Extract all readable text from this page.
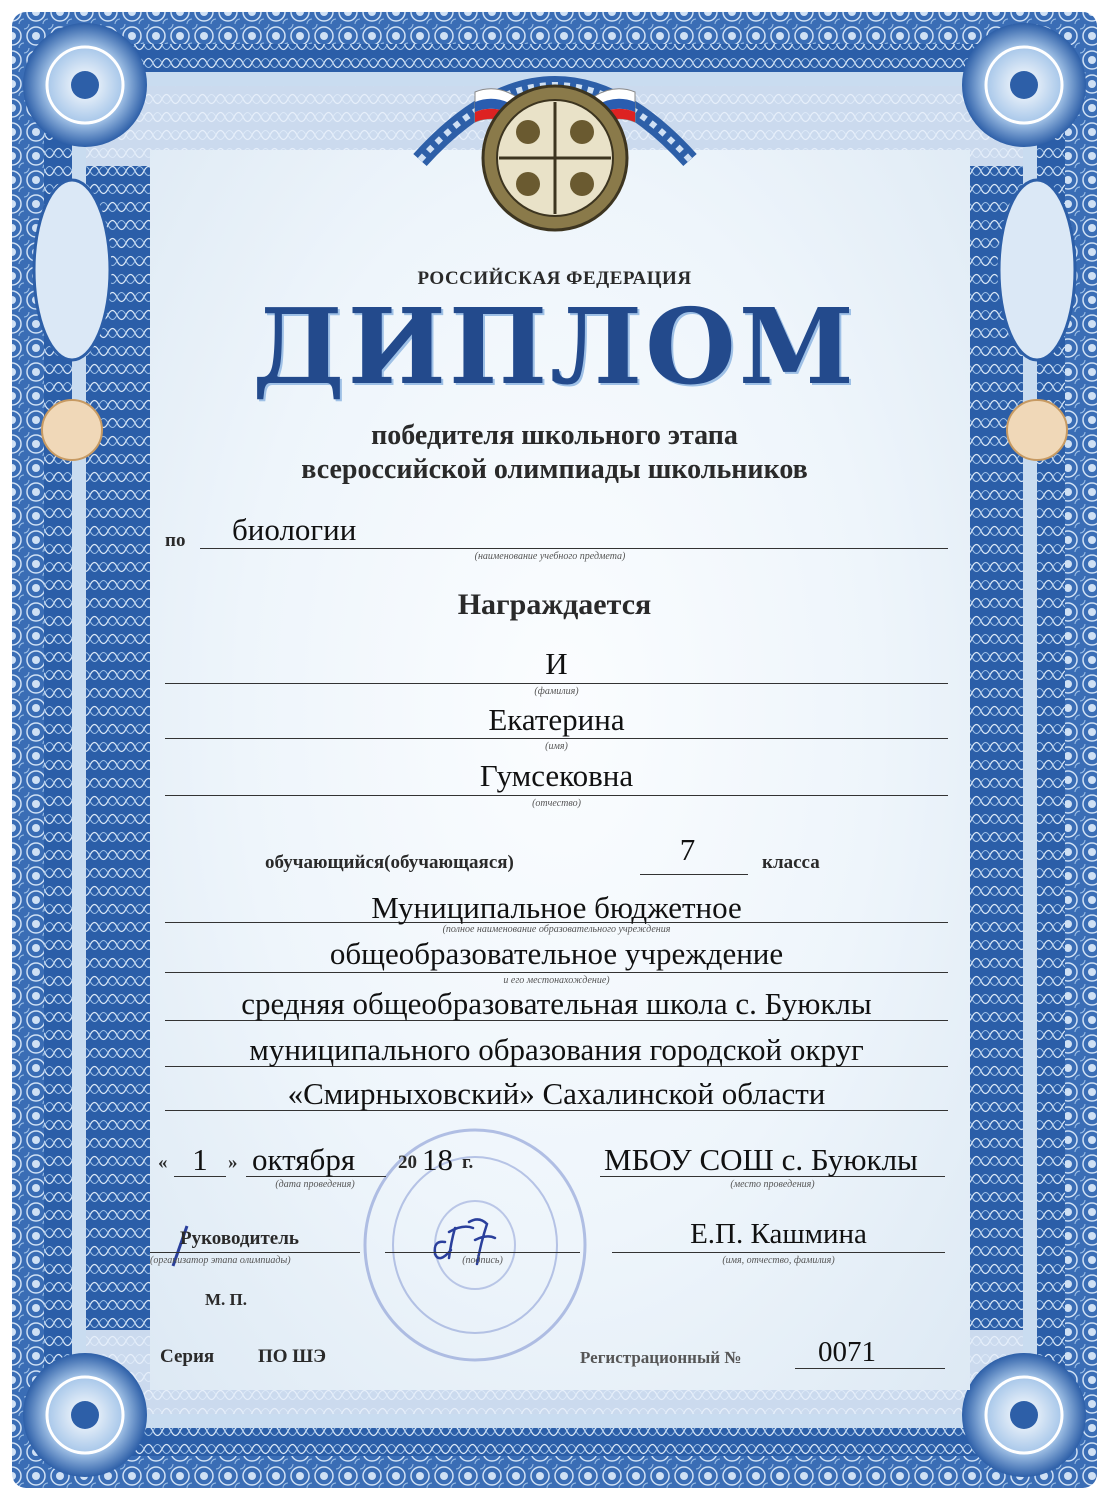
РОССИЙСКАЯ ФЕДЕРАЦИЯ
ДИПЛОМ
победителя школьного этапа
всероссийской олимпиады школьников
по биологии
(наименование учебного предмета)
Награждается
И
(фамилия)
Екатерина
(имя)
Гумсековна
(отчество)
обучающийся(обучающаяся)	7	класса
Муниципальное бюджетное
(полное наименование образовательного учреждения
общеобразовательное учреждение
и его местонахождение)
средняя общеобразовательная школа с. Буюклы
муниципального образования городской округ
«Смирныховский» Сахалинской области
« 1	» октября 20 18 г.
(дата проведения)
МБОУ СОШ с. Буюклы
(место проведения)
Руководитель
(организатор этапа олимпиады)	(подпись)
Е.П. Кашмина
(имя, отчество, фамилия)
М. П.
Серия ПО ШЭ	Регистрационный №	0071
